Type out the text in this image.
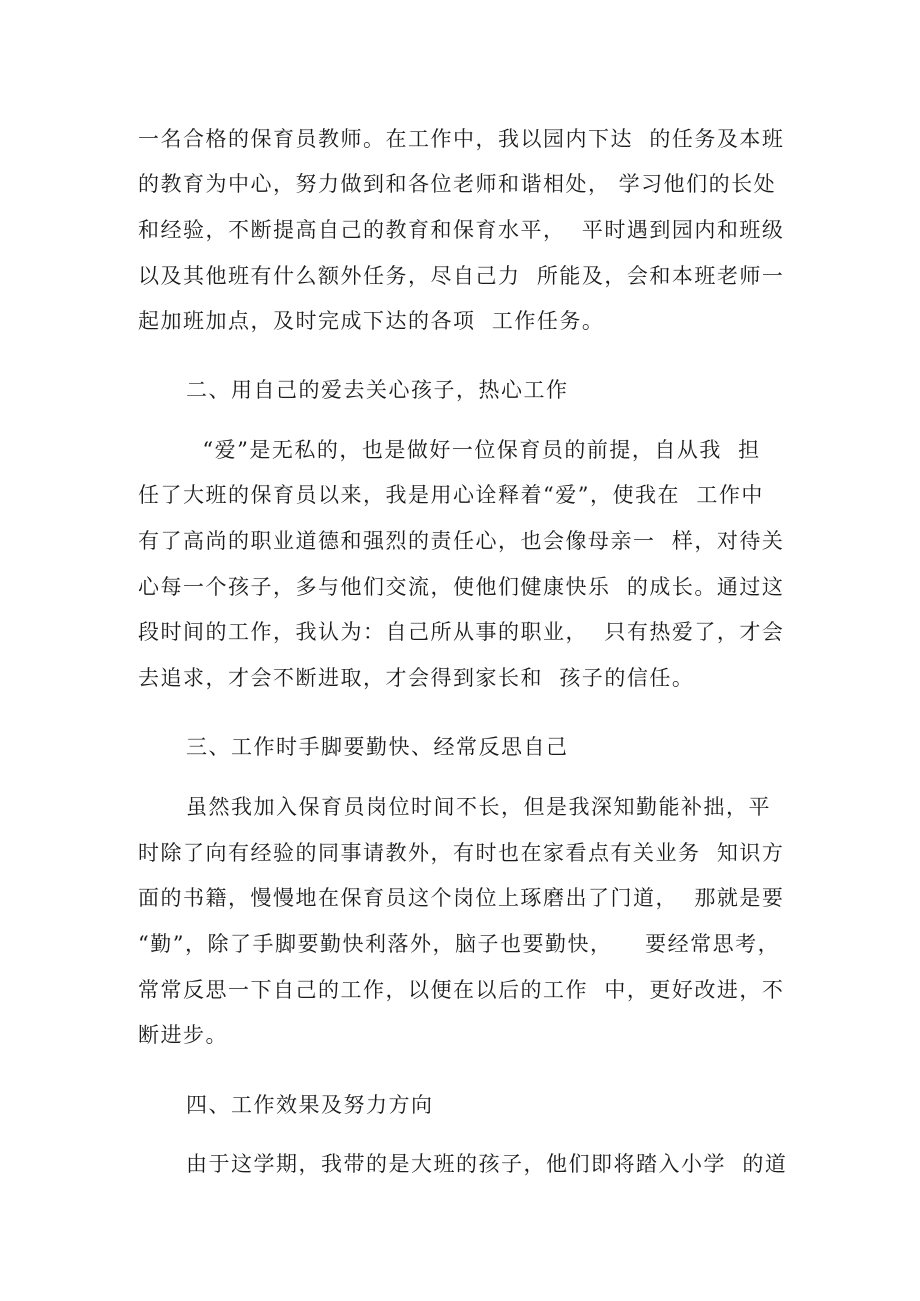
一名合格的保育员教师。在工作中，我以园内下达  的任务及本班
的教育为中心，努力做到和各位老师和谐相处， 学习他们的长处
和经验，不断提高自己的教育和保育水平，  平时遇到园内和班级
以及其他班有什么额外任务，尽自己力  所能及，会和本班老师一
起加班加点，及时完成下达的各项  工作任务。
二、用自己的爱去关心孩子，热心工作
“爱”是无私的，也是做好一位保育员的前提，自从我  担
任了大班的保育员以来，我是用心诠释着“爱”，使我在  工作中
有了高尚的职业道德和强烈的责任心，也会像母亲一  样，对待关
心每一个孩子，多与他们交流，使他们健康快乐  的成长。通过这
段时间的工作，我认为：自己所从事的职业，  只有热爱了，才会
去追求，才会不断进取，才会得到家长和  孩子的信任。
三、工作时手脚要勤快、经常反思自己
虽然我加入保育员岗位时间不长，但是我深知勤能补拙，平
时除了向有经验的同事请教外，有时也在家看点有关业务  知识方
面的书籍，慢慢地在保育员这个岗位上琢磨出了门道，  那就是要
“勤”，除了手脚要勤快利落外，脑子也要勤快，    要经常思考，
常常反思一下自己的工作，以便在以后的工作  中，更好改进，不
断进步。
四、工作效果及努力方向
由于这学期，我带的是大班的孩子，他们即将踏入小学  的道
